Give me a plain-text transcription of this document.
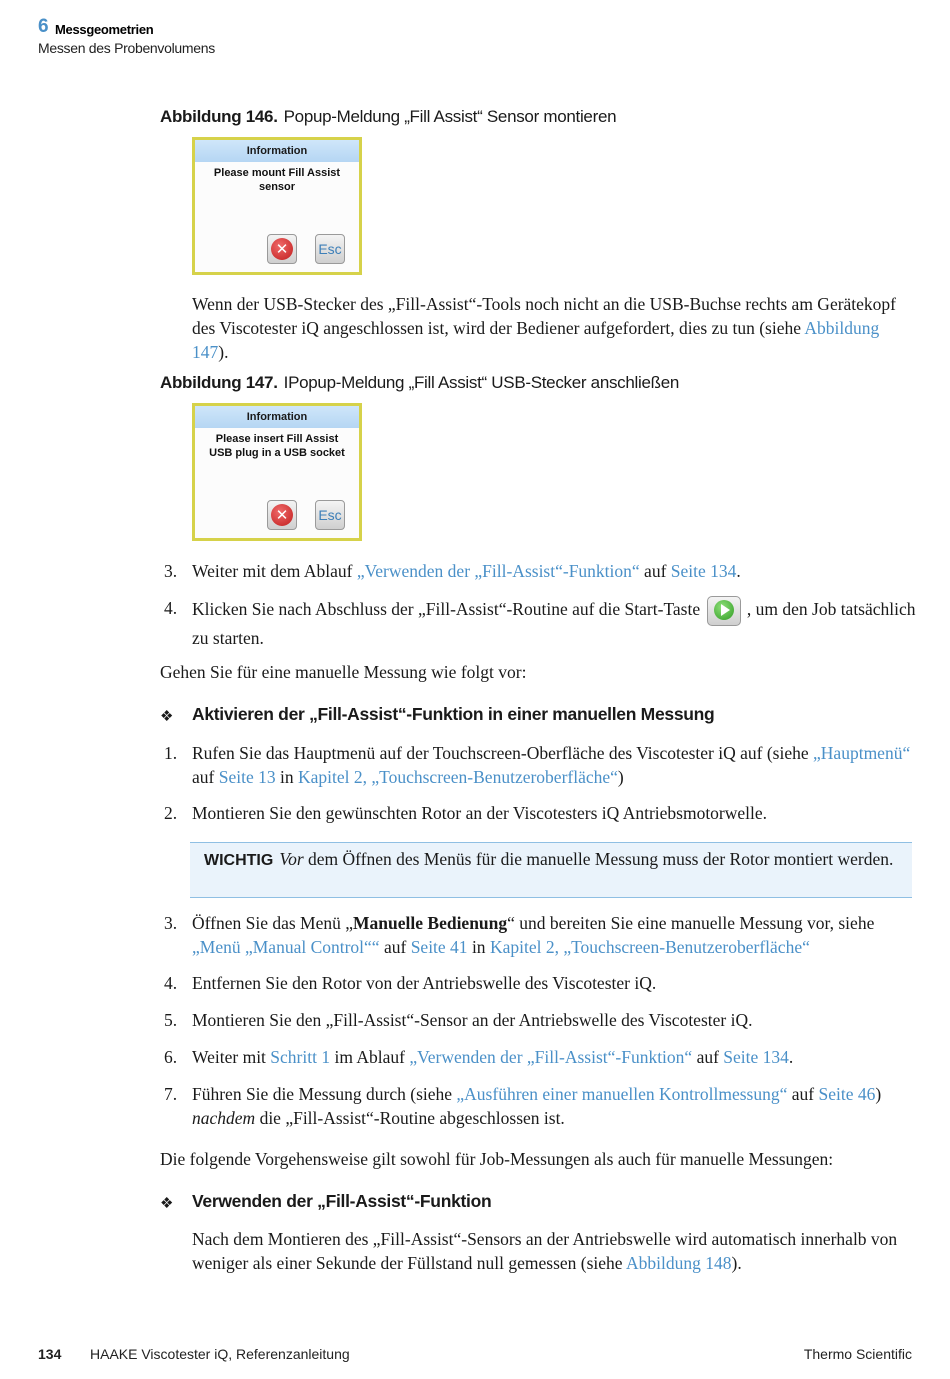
6 Messgeometrien
Messen des Probenvolumens
Abbildung 146. Popup-Meldung „Fill Assist“ Sensor montieren
Information
Please mount Fill Assist sensor
✕	Esc
Wenn der USB-Stecker des „Fill-Assist“-Tools noch nicht an die USB-Buchse rechts am Gerätekopf des Viscotester iQ angeschlossen ist, wird der Bediener aufgefordert, dies zu tun (siehe Abbildung 147).
Abbildung 147. IPopup-Meldung „Fill Assist“ USB-Stecker anschließen
Information
Please insert Fill Assist USB plug in a USB socket
✕	Esc
3. Weiter mit dem Ablauf „Verwenden der „Fill-Assist“-Funktion“ auf Seite 134.
4. Klicken Sie nach Abschluss der „Fill-Assist“-Routine auf die Start-Taste
, um den Job tatsächlich zu starten.
Gehen Sie für eine manuelle Messung wie folgt vor:
❖ Aktivieren der „Fill-Assist“-Funktion in einer manuellen Messung
1. Rufen Sie das Hauptmenü auf der Touchscreen-Oberfläche des Viscotester iQ auf (siehe „Hauptmenü“ auf Seite 13 in Kapitel 2, „Touchscreen-Benutzeroberfläche“)
2. Montieren Sie den gewünschten Rotor an der Viscotesters iQ Antriebsmotorwelle.
WICHTIG Vor dem Öffnen des Menüs für die manuelle Messung muss der Rotor montiert werden.
3. Öffnen Sie das Menü „Manuelle Bedienung“ und bereiten Sie eine manuelle Messung vor, siehe „Menü „Manual Control““ auf Seite 41 in Kapitel 2, „Touchscreen-Benutzeroberfläche“
4. Entfernen Sie den Rotor von der Antriebswelle des Viscotester iQ.
5. Montieren Sie den „Fill-Assist“-Sensor an der Antriebswelle des Viscotester iQ.
6. Weiter mit Schritt 1 im Ablauf „Verwenden der „Fill-Assist“-Funktion“ auf Seite 134.
7. Führen Sie die Messung durch (siehe „Ausführen einer manuellen Kontrollmessung“ auf Seite 46)
nachdem die „Fill-Assist“-Routine abgeschlossen ist.
Die folgende Vorgehensweise gilt sowohl für Job-Messungen als auch für manuelle Messungen:
❖ Verwenden der „Fill-Assist“-Funktion
Nach dem Montieren des „Fill-Assist“-Sensors an der Antriebswelle wird automatisch innerhalb von weniger als einer Sekunde der Füllstand null gemessen (siehe Abbildung 148).
134 HAAKE Viscotester iQ, Referenzanleitung	Thermo Scientific
